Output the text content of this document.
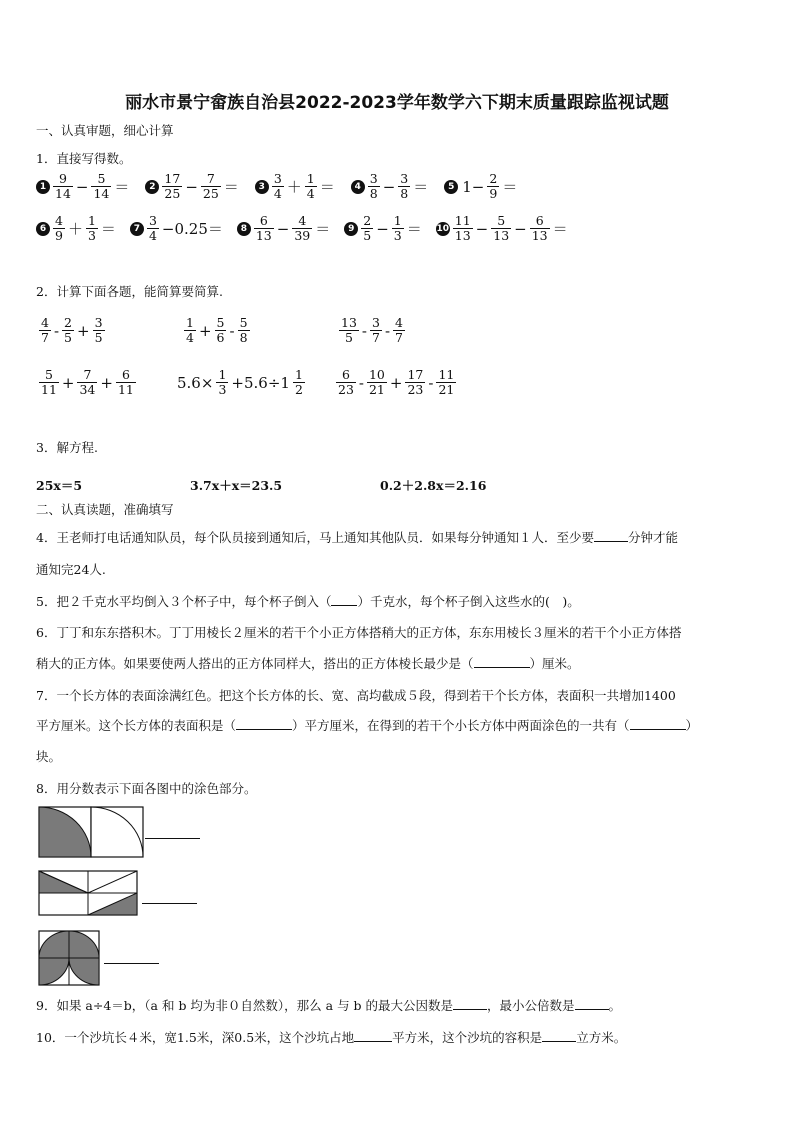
丽水市景宁畲族自治县2022-2023学年数学六下期末质量跟踪监视试题
一、认真审题，细心计算
1．直接写得数。
$1 \frac{9}{14} - \frac{5}{14}$ ＝	$2 \frac{17}{25} - \frac{7}{25}$ ＝	$3 \frac{3}{4} + \frac{1}{4}$ ＝	$4 \frac{3}{8} - \frac{3}{8}$ ＝	5 $1- \frac{2}{9}$ ＝
$6 \frac{4}{9} + \frac{1}{3}$ ＝	$7 \frac{3}{4} -0.25=$	$8 \frac{6}{13} - \frac{4}{39}$ ＝	$9 \frac{2}{5} - \frac{1}{3} = 10 \frac{11}{13} - \frac{5}{13} - \frac{6}{13}$ ＝
2．计算下面各题，能简算要简算.
$\frac{4}{7} - \frac{2}{5} + \frac{3}{5}$	$\frac{1}{4} + \frac{5}{6} - \frac{5}{8}$	$\frac{13}{5} - \frac{3}{7} - \frac{4}{7}$
$\frac{5}{11} + \frac{7}{34} + \frac{6}{11}$	$5.6\times \frac{1}{3} +5.6\div 1 \frac{1}{2} \frac{6}{23} - \frac{10}{21} + \frac{17}{23} - \frac{11}{21}$
3．解方程.
25x＝5	3.7x＋x＝23.5	0.2＋2.8x＝2.16
二、认真读题，准确填写
4．王老师打电话通知队员，每个队员接到通知后，马上通知其他队员．如果每分钟通知１人．至少要	分钟才能
通知完24人.
5．把２千克水平均倒入３个杯子中，每个杯子倒入（ ）千克水，每个杯子倒入这些水的(　)。
6．丁丁和东东搭积木。丁丁用棱长２厘米的若干个小正方体搭稍大的正方体，东东用棱长３厘米的若干个小正方体搭
稍大的正方体。如果要使两人搭出的正方体同样大，搭出的正方体棱长最少是（	）厘米。
7．一个长方体的表面涂满红色。把这个长方体的长、宽、高均截成５段，得到若干个长方体，表面积一共增加1400
平方厘米。这个长方体的表面积是（	）平方厘米，在得到的若干个小长方体中两面涂色的一共有（	）
块。
8．用分数表示下面各图中的涂色部分。
9．如果 a÷4＝b，（a 和 b 均为非０自然数），那么 a 与 b 的最大公因数是	，最小公倍数是	。
10．一个沙坑长４米，宽1.5米，深0.5米，这个沙坑占地	平方米，这个沙坑的容积是	立方米。
